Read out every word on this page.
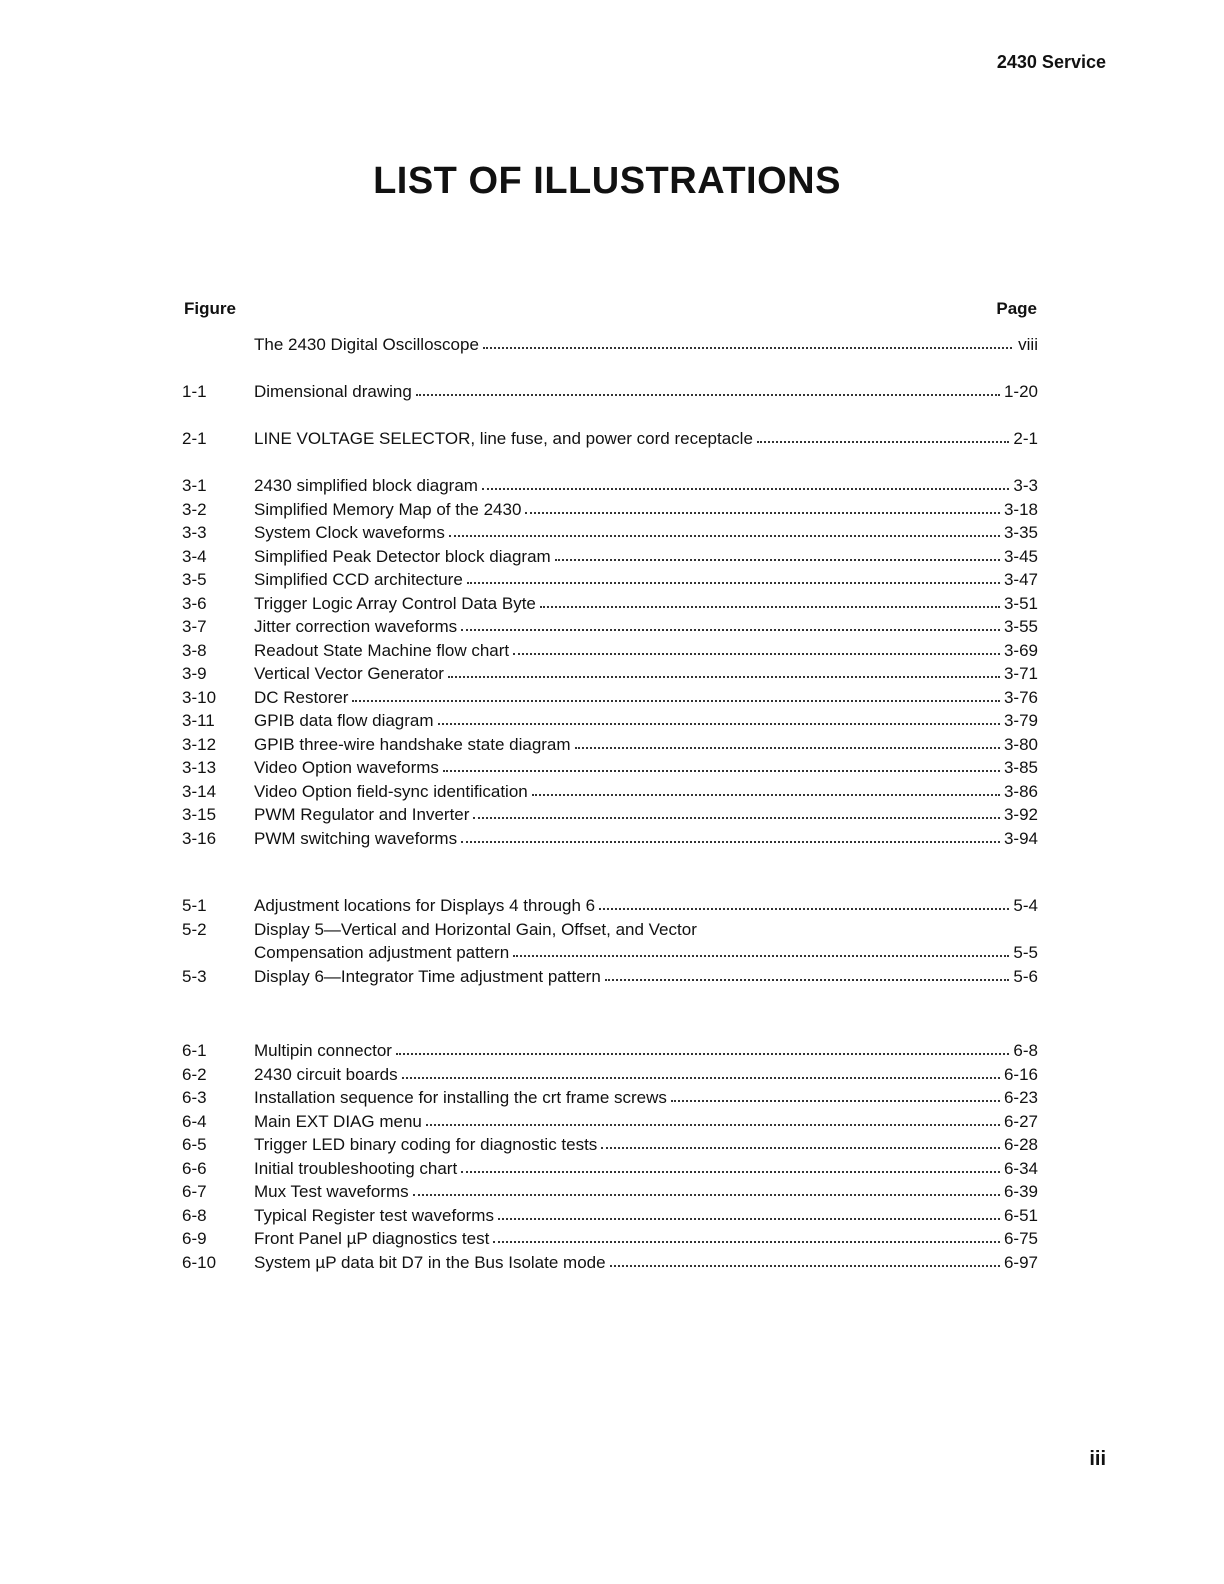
2430 Service
LIST OF ILLUSTRATIONS
Figure	Page
The 2430 Digital Oscilloscope	viii
1-1	Dimensional drawing	1-20
2-1	LINE VOLTAGE SELECTOR, line fuse, and power cord receptacle	2-1
3-1	2430 simplified block diagram	3-3
3-2	Simplified Memory Map of the 2430	3-18
3-3	System Clock waveforms	3-35
3-4	Simplified Peak Detector block diagram	3-45
3-5	Simplified CCD architecture	3-47
3-6	Trigger Logic Array Control Data Byte	3-51
3-7	Jitter correction waveforms	3-55
3-8	Readout State Machine flow chart	3-69
3-9	Vertical Vector Generator	3-71
3-10	DC Restorer	3-76
3-11	GPIB data flow diagram	3-79
3-12	GPIB three-wire handshake state diagram	3-80
3-13	Video Option waveforms	3-85
3-14	Video Option field-sync identification	3-86
3-15	PWM Regulator and Inverter	3-92
3-16	PWM switching waveforms	3-94
5-1	Adjustment locations for Displays 4 through 6	5-4
5-2	Display 5—Vertical and Horizontal Gain, Offset, and Vector
Compensation adjustment pattern	5-5
5-3	Display 6—Integrator Time adjustment pattern	5-6
6-1	Multipin connector	6-8
6-2	2430 circuit boards	6-16
6-3	Installation sequence for installing the crt frame screws	6-23
6-4	Main EXT DIAG menu	6-27
6-5	Trigger LED binary coding for diagnostic tests	6-28
6-6	Initial troubleshooting chart	6-34
6-7	Mux Test waveforms	6-39
6-8	Typical Register test waveforms	6-51
6-9	Front Panel µP diagnostics test	6-75
6-10	System µP data bit D7 in the Bus Isolate mode	6-97
iii
